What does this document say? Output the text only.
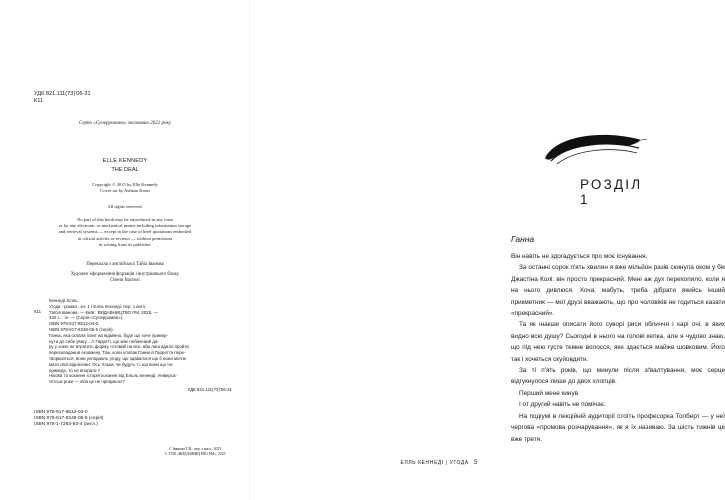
УДК 821.111(73)'06-31
К11
Серію «Суперромани» засновано 2022 року
ELLE KENNEDY
THE DEAL
Copyright © 2015 by Elle Kennedy
Cover art by Ashkan Korai
All rights reserved.
No part of this book may be reproduced in any form
or by any electronic or mechanical means including information storage
and retrieval systems — except in the case of brief quotations embodied
in critical articles or reviews — without permission
in writing from its publisher.
Переклала з англійської Тайіа Іванова
Художнє оформлення форзаців і внутрішнього блоку
Олени Васіної
Кеннеді, Елль.
К11
Угода : роман : кн. 1 / Елль Кеннеді; пер. з англ.
Таїсія Іванова. — Київ : ВИДАВНИЦТВО РМ, 2025. —
432 с. : іл. — (Серія «Суперроман»).
ISBN 978-617-8512-04-0.
ISBN 978-617-8248-05-5 (серія).
Ганна, яка склала іспит на відмінно, буде що хоче привер-
нути до себе увагу... А Гарретт, що має небачений да-
ру у хокеї не втратить форму, готовий на все, аби лиш вдало пройти
перескладання екзамену. Тож, коли хлопак Ганни й Гарретта пере-
творюються, вони укладають угоду, що здавалося що б вони могли
мати свої відносини. Ось тільки, чи будуть ті, що вони що чо-
приведе, то не впорати ?
Нікова та кохання історія кохання від Ельль Кеннеді. Універса-
тетські роки — хіба це не прекрасно?
УДК 821.111(73)'06-31
ISBN 978-617-8512-04-0
ISBN 978-617-8248-05-5 (серія)
ISBN 978-1-7293-93-4 (англ.)
© Іванова Т.В., пер. з англ., 2025
© ТОВ «ВИДАВНИЦТВО РМ», 2025
РОЗДІЛ 1
Ганна

Він навіть не здогадується про моє існування.

За останні сорок п'ять хвилин я вже мільйон разів скинула оком у бік Джастіна Колі: він просто прекрасний. Мені аж дух перехопило, коли я на нього дивлюся. Хоча, мабуть, треба дібрати якийсь інший прикметник — мої друзі вважають, що про чоловіків не годиться казати «прекрасний».

Та як інакше описати його суворі риси обличчя і карі очі, в яких видно всю душу? Сьогодні в нього на голові кепка, але я чудово знаю, що під нею густе темне волосся, яке здається майже шовковим. Його так і хочеться скуйовдити.

За ті п'ять років, що минули після зґвалтування, моє серце відгукнулося лише до двох хлопців.

Перший мене кинув.

І от другий навіть не помічає.

На подіумі в лекційній аудиторії стоїть професорка Толберт — у неї чергова «промова розчарування», як я їх називаю. За шість тижнів це вже третя.

ЕЛЛЬ КЕННЕДІ | УГОДА 5
